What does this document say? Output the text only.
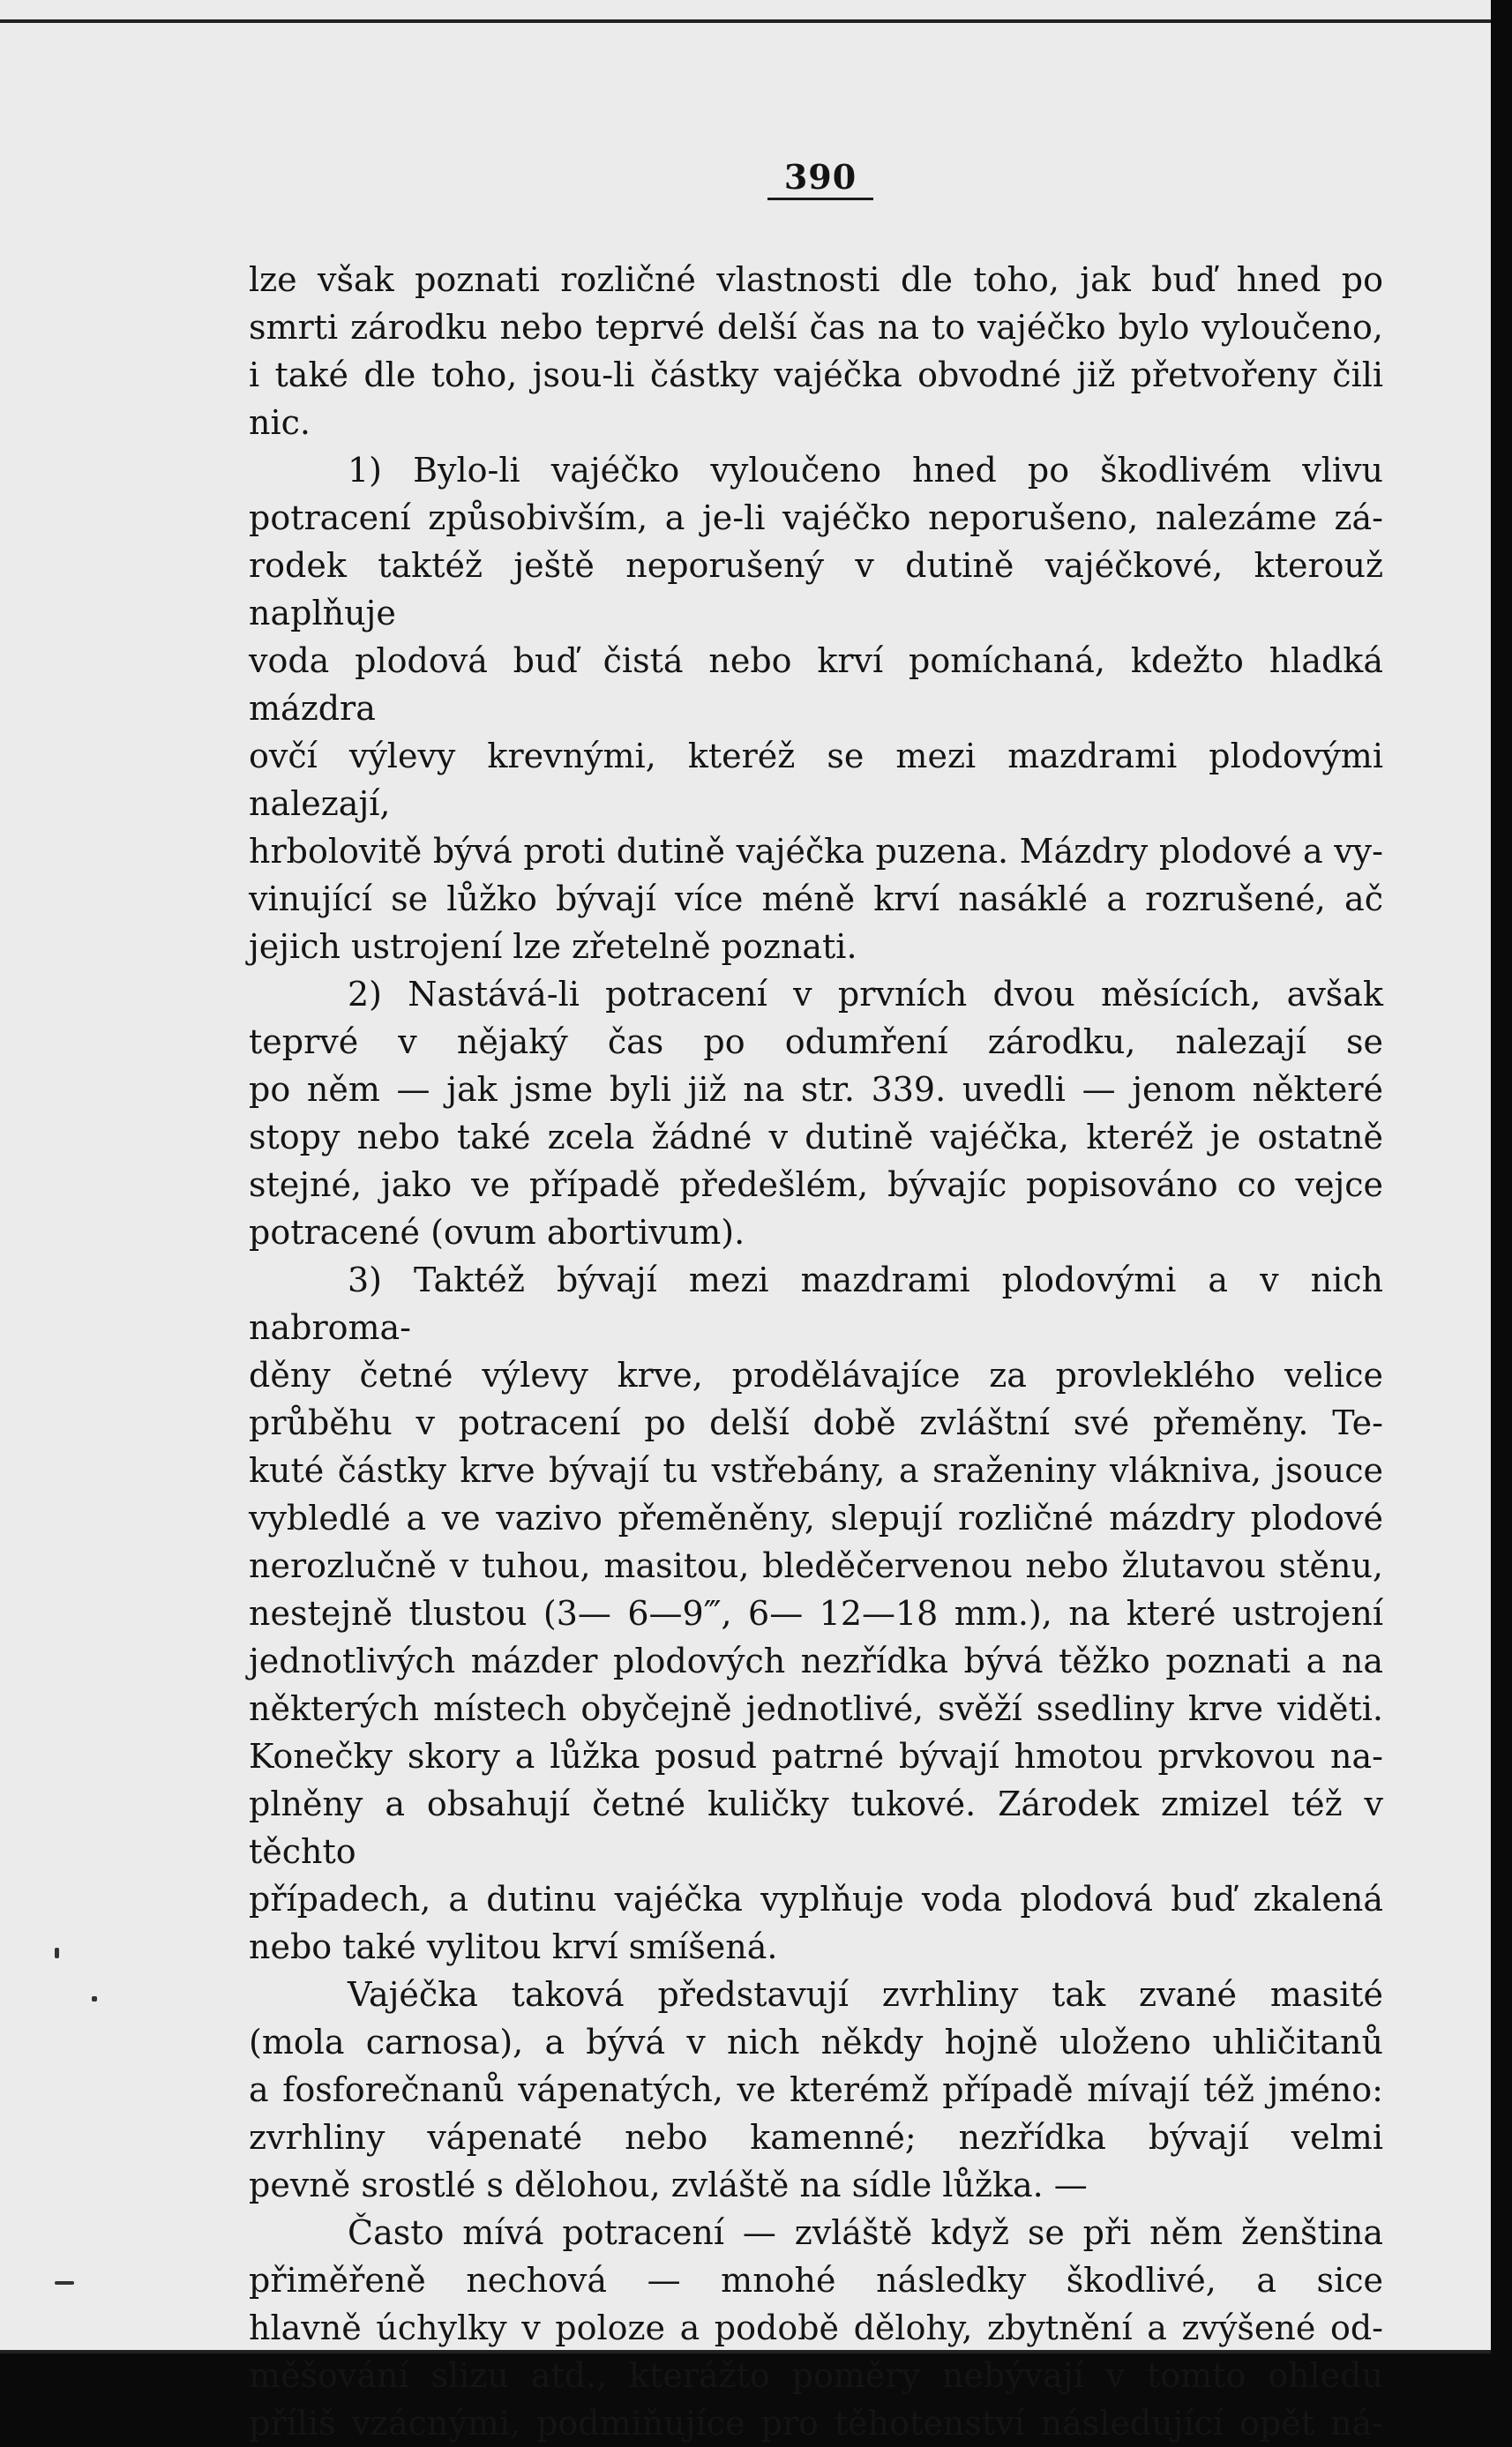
390

lze však poznati rozličné vlastnosti dle toho, jak buď hned po

smrti zárodku nebo teprvé delší čas na to vajéčko bylo vyloučeno,

i také dle toho, jsou-li částky vajéčka obvodné již přetvořeny čili nic.

1) Bylo-li vajéčko vyloučeno hned po škodlivém vlivu

potracení způsobivším, a je-li vajéčko neporušeno, nalezáme zá-

rodek taktéž ještě neporušený v dutině vajéčkové, kterouž naplňuje

voda plodová buď čistá nebo krví pomíchaná, kdežto hladká mázdra

ovčí výlevy krevnými, kteréž se mezi mazdrami plodovými nalezají,

hrbolovitě bývá proti dutině vajéčka puzena. Mázdry plodové a vy-

vinující se lůžko bývají více méně krví nasáklé a rozrušené, ač

jejich ustrojení lze zřetelně poznati.

2) Nastává-li potracení v prvních dvou měsících, avšak

teprvé v nějaký čas po odumření zárodku, nalezají se

po něm — jak jsme byli již na str. 339. uvedli — jenom některé

stopy nebo také zcela žádné v dutině vajéčka, kteréž je ostatně

stejné, jako ve případě předešlém, bývajíc popisováno co vejce

potracené (ovum abortivum).

3) Taktéž bývají mezi mazdrami plodovými a v nich nabroma-

děny četné výlevy krve, prodělávajíce za provleklého velice

průběhu v potracení po delší době zvláštní své přeměny. Te-

kuté částky krve bývají tu vstřebány, a sraženiny vlákniva, jsouce

vybledlé a ve vazivo přeměněny, slepují rozličné mázdry plodové

nerozlučně v tuhou, masitou, bleděčervenou nebo žlutavou stěnu,

nestejně tlustou (3— 6—9‴, 6— 12—18 mm.), na které ustrojení

jednotlivých mázder plodových nezřídka bývá těžko poznati a na

některých místech obyčejně jednotlivé, svěží ssedliny krve viděti.

Konečky skory a lůžka posud patrné bývají hmotou prvkovou na-

plněny a obsahují četné kuličky tukové. Zárodek zmizel též v těchto

případech, a dutinu vajéčka vyplňuje voda plodová buď zkalená

nebo také vylitou krví smíšená.

Vajéčka taková představují zvrhliny tak zvané masité

(mola carnosa), a bývá v nich někdy hojně uloženo uhličitanů

a fosforečnanů vápenatých, ve kterémž případě mívají též jméno:

zvrhliny vápenaté nebo kamenné; nezřídka bývají velmi

pevně srostlé s dělohou, zvláště na sídle lůžka. —

Často mívá potracení — zvláště když se při něm ženština

přiměřeně nechová — mnohé následky škodlivé, a sice

hlavně úchylky v poloze a podobě dělohy, zbytnění a zvýšené od-

měšování slizu atd., kterážto poměry nebývají v tomto ohledu

příliš vzácnými, podmiňujíce pro těhotenství následující opět ná-
